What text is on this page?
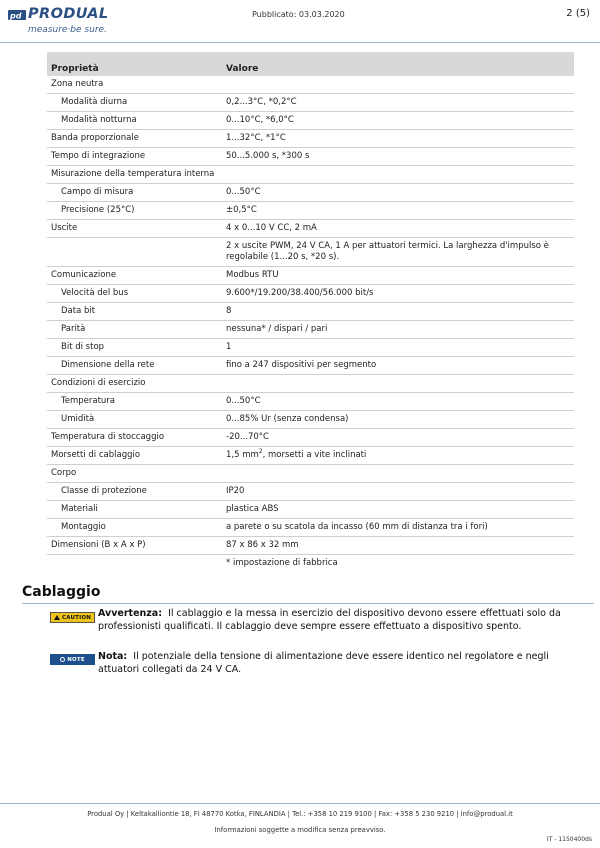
pd PRODUAL
measure·be sure.
Pubblicato: 03.03.2020	2 (5)
Proprietà	Valore
Zona neutra	
Modalità diurna	0,2...3°C, *0,2°C
Modalità notturna	0...10°C, *6,0°C
Banda proporzionale	1...32°C, *1°C
Tempo di integrazione	50...5.000 s, *300 s
Misurazione della temperatura interna	
Campo di misura	0...50°C
Precisione (25°C)	±0,5°C
Uscite	4 x 0...10 V CC, 2 mA
	2 x uscite PWM, 24 V CA, 1 A per attuatori termici. La larghezza d'impulso è regolabile (1...20 s, *20 s).
Comunicazione	Modbus RTU
Velocità del bus	9.600*/19.200/38.400/56.000 bit/s
Data bit	8
Parità	nessuna* / dispari / pari
Bit di stop	1
Dimensione della rete	fino a 247 dispositivi per segmento
Condizioni di esercizio	
Temperatura	0...50°C
Umidità	0...85% Ur (senza condensa)
Temperatura di stoccaggio	-20...70°C
Morsetti di cablaggio	1,5 $mm^2$, morsetti a vite inclinati
Corpo	
Classe di protezione	IP20
Materiali	plastica ABS
Montaggio	a parete o su scatola da incasso (60 mm di distanza tra i fori)
Dimensioni (B x A x P)	87 x 86 x 32 mm
	* impostazione di fabbrica
Cablaggio
CAUTION Avvertenza: Il cablaggio e la messa in esercizio del dispositivo devono essere effettuati solo da professionisti qualificati. Il cablaggio deve sempre essere effettuato a dispositivo spento.
NOTE Nota: Il potenziale della tensione di alimentazione deve essere identico nel regolatore e negli attuatori collegati da 24 V CA.
Produal Oy | Keltakalliontie 18, FI 48770 Kotka, FINLANDIA | Tel.: +358 10 219 9100 | Fax: +358 5 230 9210 | info@produal.it
Informazioni soggette a modifica senza preavviso.
IT - 1150400ds
